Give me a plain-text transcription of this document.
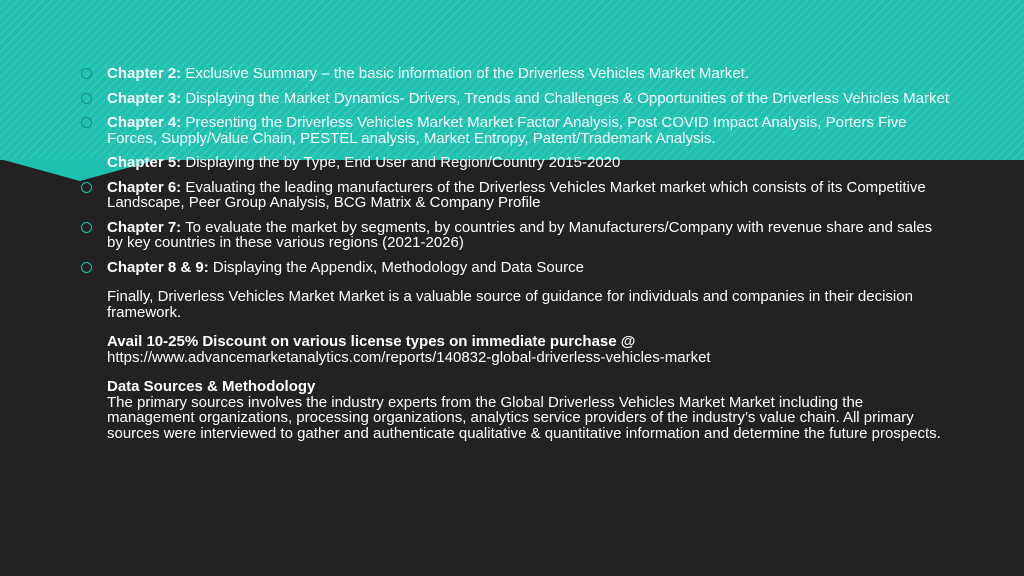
Chapter 2: Exclusive Summary – the basic information of the Driverless Vehicles Market Market.
Chapter 3: Displaying the Market Dynamics- Drivers, Trends and Challenges & Opportunities of the Driverless Vehicles Market
Chapter 4: Presenting the Driverless Vehicles Market Market Factor Analysis, Post COVID Impact Analysis, Porters Five Forces, Supply/Value Chain, PESTEL analysis, Market Entropy, Patent/Trademark Analysis.
Chapter 5: Displaying the by Type, End User and Region/Country 2015-2020
Chapter 6: Evaluating the leading manufacturers of the Driverless Vehicles Market market which consists of its Competitive Landscape, Peer Group Analysis, BCG Matrix & Company Profile
Chapter 7: To evaluate the market by segments, by countries and by Manufacturers/Company with revenue share and sales by key countries in these various regions (2021-2026)
Chapter 8 & 9: Displaying the Appendix, Methodology and Data Source
Finally, Driverless Vehicles Market Market is a valuable source of guidance for individuals and companies in their decision framework.
Avail 10-25% Discount on various license types on immediate purchase @
https://www.advancemarketanalytics.com/reports/140832-global-driverless-vehicles-market
Data Sources & Methodology
The primary sources involves the industry experts from the Global Driverless Vehicles Market Market including the management organizations, processing organizations, analytics service providers of the industry’s value chain. All primary sources were interviewed to gather and authenticate qualitative & quantitative information and determine the future prospects.
